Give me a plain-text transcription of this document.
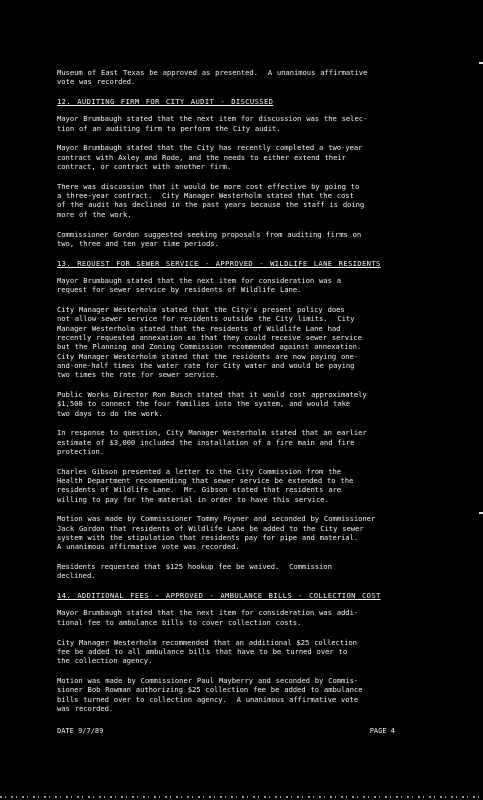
Museum of East Texas be approved as presented.  A unanimous affirmative
vote was recorded.
12. AUDITING FIRM FOR CITY AUDIT - DISCUSSED
Mayor Brumbaugh stated that the next item for discussion was the selec-
tion of an auditing firm to perform the City audit.
Mayor Brumbaugh stated that the City has recently completed a two-year
contract with Axley and Rode, and the needs to either extend their
contract, or contract with another firm.
There was discussion that it would be more cost effective by going to
a three-year contract.  City Manager Westerholm stated that the cost
of the audit has declined in the past years because the staff is doing
more of the work.
Commissioner Gordon suggested seeking proposals from auditing firms on
two, three and ten year time periods.
13. REQUEST FOR SEWER SERVICE - APPROVED - WILDLIFE LANE RESIDENTS
Mayor Brumbaugh stated that the next item for consideration was a
request for sewer service by residents of Wildlife Lane.
City Manager Westerholm stated that the City's present policy does
not allow sewer service for residents outside the City limits.  City
Manager Westerholm stated that the residents of Wildlife Lane had
recently requested annexation so that they could receive sewer service
but the Planning and Zoning Commission recommended against annexation.
City Manager Westerholm stated that the residents are now paying one-
and-one-half times the water rate for City water and would be paying
two times the rate for sewer service.
Public Works Director Ron Busch stated that it would cost approximately
$1,500 to connect the four families into the system, and would take
two days to do the work.
In response to question, City Manager Westerholm stated that an earlier
estimate of $3,000 included the installation of a fire main and fire
protection.
Charles Gibson presented a letter to the City Commission from the
Health Department recommending that sewer service be extended to the
residents of Wildlife Lane.  Mr. Gibson stated that residents are
willing to pay for the material in order to have this service.
Motion was made by Commissioner Tommy Poyner and seconded by Commissioner
Jack Gordon that residents of Wildlife Lane be added to the City sewer
system with the stipulation that residents pay for pipe and material.
A unanimous affirmative vote was recorded.
Residents requested that $125 hookup fee be waived.  Commission
declined.
14. ADDITIONAL FEES - APPROVED - AMBULANCE BILLS - COLLECTION COST
Mayor Brumbaugh stated that the next item for consideration was addi-
tional fee to ambulance bills to cover collection costs.
City Manager Westerholm recommended that an additional $25 collection
fee be added to all ambulance bills that have to be turned over to
the collection agency.
Motion was made by Commissioner Paul Mayberry and seconded by Commis-
sioner Bob Rowman authorizing $25 collection fee be added to ambulance
bills turned over to collection agency.  A unanimous affirmative vote
was recorded.
DATE 9/7/89	PAGE 4
